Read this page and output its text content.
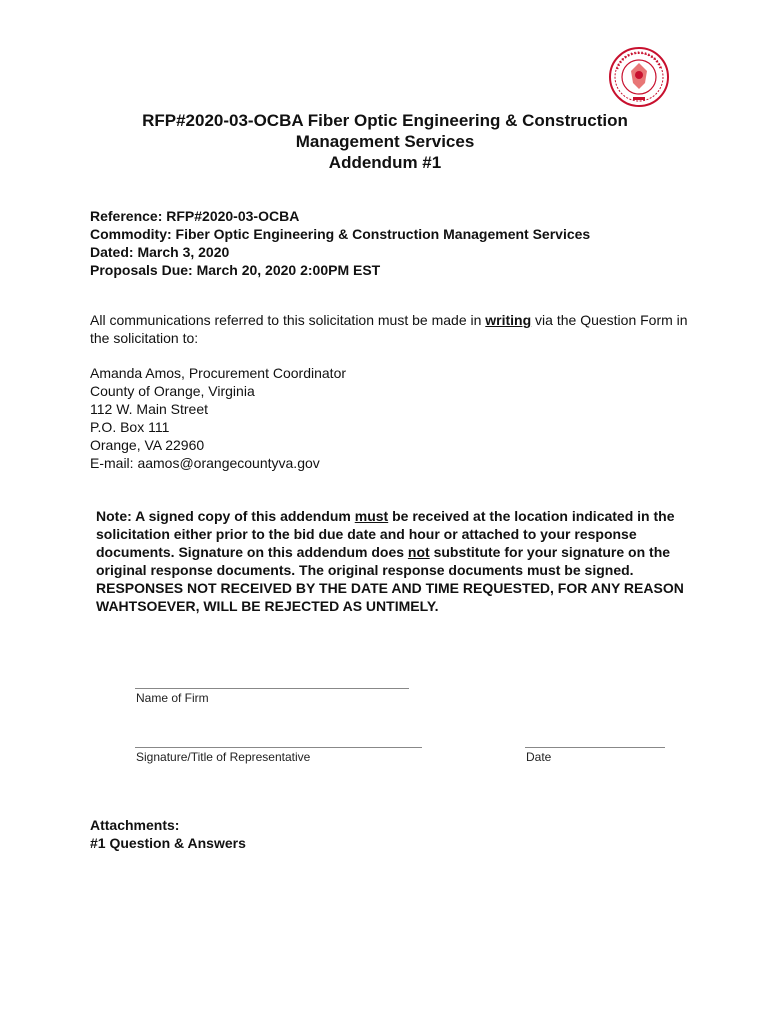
RFP#2020-03-OCBA Fiber Optic Engineering & Construction
Management Services
Addendum #1
Reference: RFP#2020-03-OCBA
Commodity: Fiber Optic Engineering & Construction Management Services
Dated: March 3, 2020
Proposals Due: March 20, 2020 2:00PM EST
All communications referred to this solicitation must be made in writing via the Question Form in the solicitation to:
Amanda Amos, Procurement Coordinator
County of Orange, Virginia
112 W. Main Street
P.O. Box 111
Orange, VA 22960
E-mail: aamos@orangecountyva.gov
Note: A signed copy of this addendum must be received at the location indicated in the solicitation either prior to the bid due date and hour or attached to your response documents. Signature on this addendum does not substitute for your signature on the original response documents. The original response documents must be signed. RESPONSES NOT RECEIVED BY THE DATE AND TIME REQUESTED, FOR ANY REASON WAHTSOEVER, WILL BE REJECTED AS UNTIMELY.
Name of Firm
Signature/Title of Representative	Date
Attachments:
#1 Question & Answers
